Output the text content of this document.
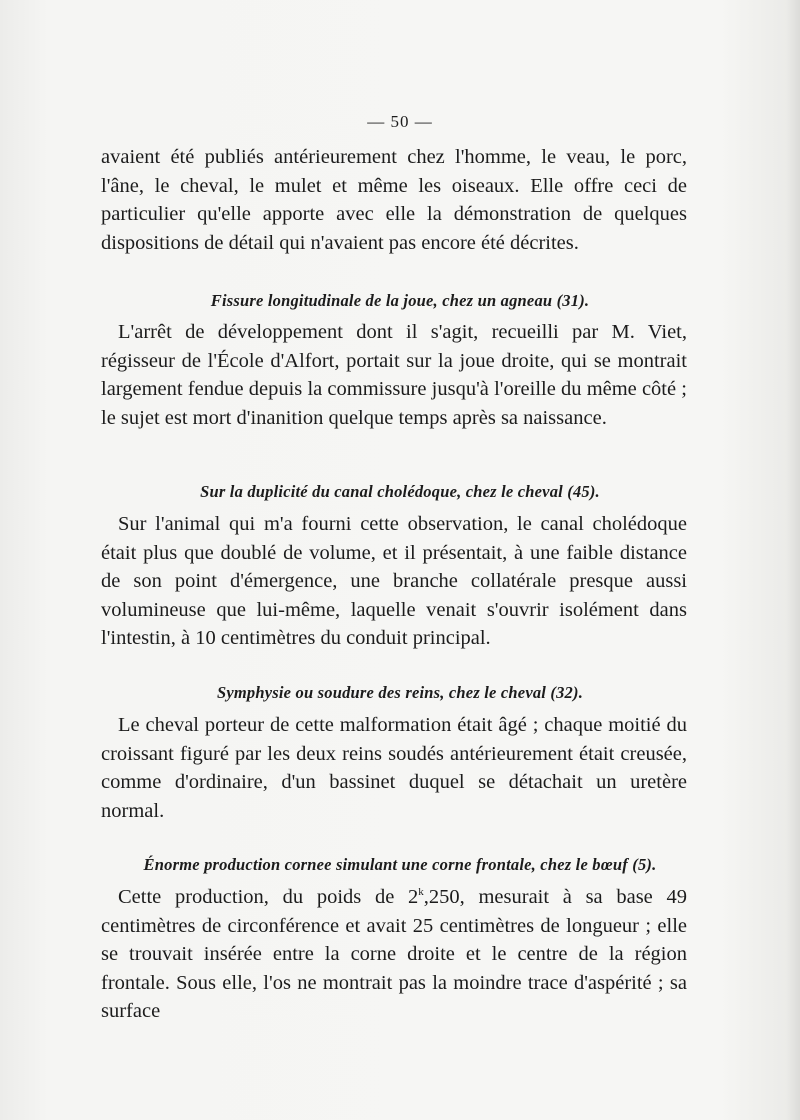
— 50 —

avaient été publiés antérieurement chez l'homme, le veau, le porc, l'âne, le cheval, le mulet et même les oiseaux. Elle offre ceci de particulier qu'elle apporte avec elle la démonstration de quelques dispositions de détail qui n'avaient pas encore été décrites.

Fissure longitudinale de la joue, chez un agneau (31).

L'arrêt de développement dont il s'agit, recueilli par M. Viet, régisseur de l'École d'Alfort, portait sur la joue droite, qui se montrait largement fendue depuis la commissure jusqu'à l'oreille du même côté ; le sujet est mort d'inanition quelque temps après sa naissance.

Sur la duplicité du canal cholédoque, chez le cheval (45).

Sur l'animal qui m'a fourni cette observation, le canal cholédoque était plus que doublé de volume, et il présentait, à une faible distance de son point d'émergence, une branche collatérale presque aussi volumineuse que lui-même, laquelle venait s'ouvrir isolément dans l'intestin, à 10 centimètres du conduit principal.

Symphysie ou soudure des reins, chez le cheval (32).

Le cheval porteur de cette malformation était âgé ; chaque moitié du croissant figuré par les deux reins soudés antérieurement était creusée, comme d'ordinaire, d'un bassinet duquel se détachait un uretère normal.

Énorme production cornee simulant une corne frontale, chez le bœuf (5).

Cette production, du poids de 2$^k$,250, mesurait à sa base 49 centimètres de circonférence et avait 25 centimètres de longueur ; elle se trouvait insérée entre la corne droite et le centre de la région frontale. Sous elle, l'os ne montrait pas la moindre trace d'aspérité ; sa surface
